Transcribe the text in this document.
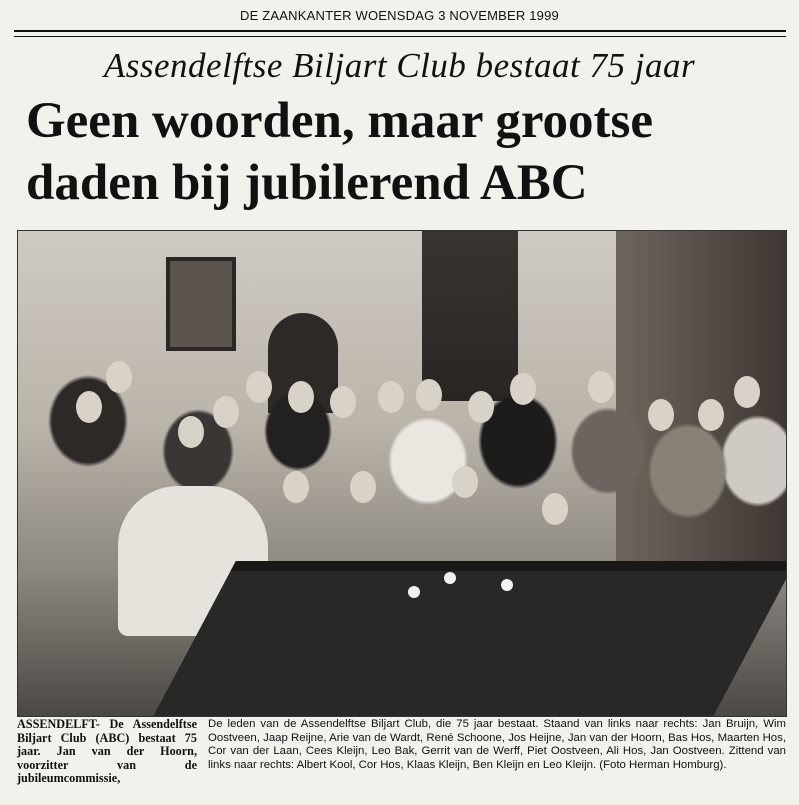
DE ZAANKANTER WOENSDAG 3 NOVEMBER 1999
Assendelftse Biljart Club bestaat 75 jaar
Geen woorden, maar grootse
daden bij jubilerend ABC
ASSENDELFT- De Assendelftse Biljart Club (ABC) bestaat 75 jaar. Jan van der Hoorn, voorzitter van de jubileumcommissie,
De leden van de Assendelftse Biljart Club, die 75 jaar bestaat. Staand van links naar rechts: Jan Bruijn, Wim Oostveen, Jaap Reijne, Arie van de Wardt, René Schoone, Jos Heijne, Jan van der Hoorn, Bas Hos, Maarten Hos, Cor van der Laan, Cees Kleijn, Leo Bak, Gerrit van de Werff, Piet Oostveen, Ali Hos, Jan Oostveen. Zittend van links naar rechts: Albert Kool, Cor Hos, Klaas Kleijn, Ben Kleijn en Leo Kleijn. (Foto Herman Homburg).
